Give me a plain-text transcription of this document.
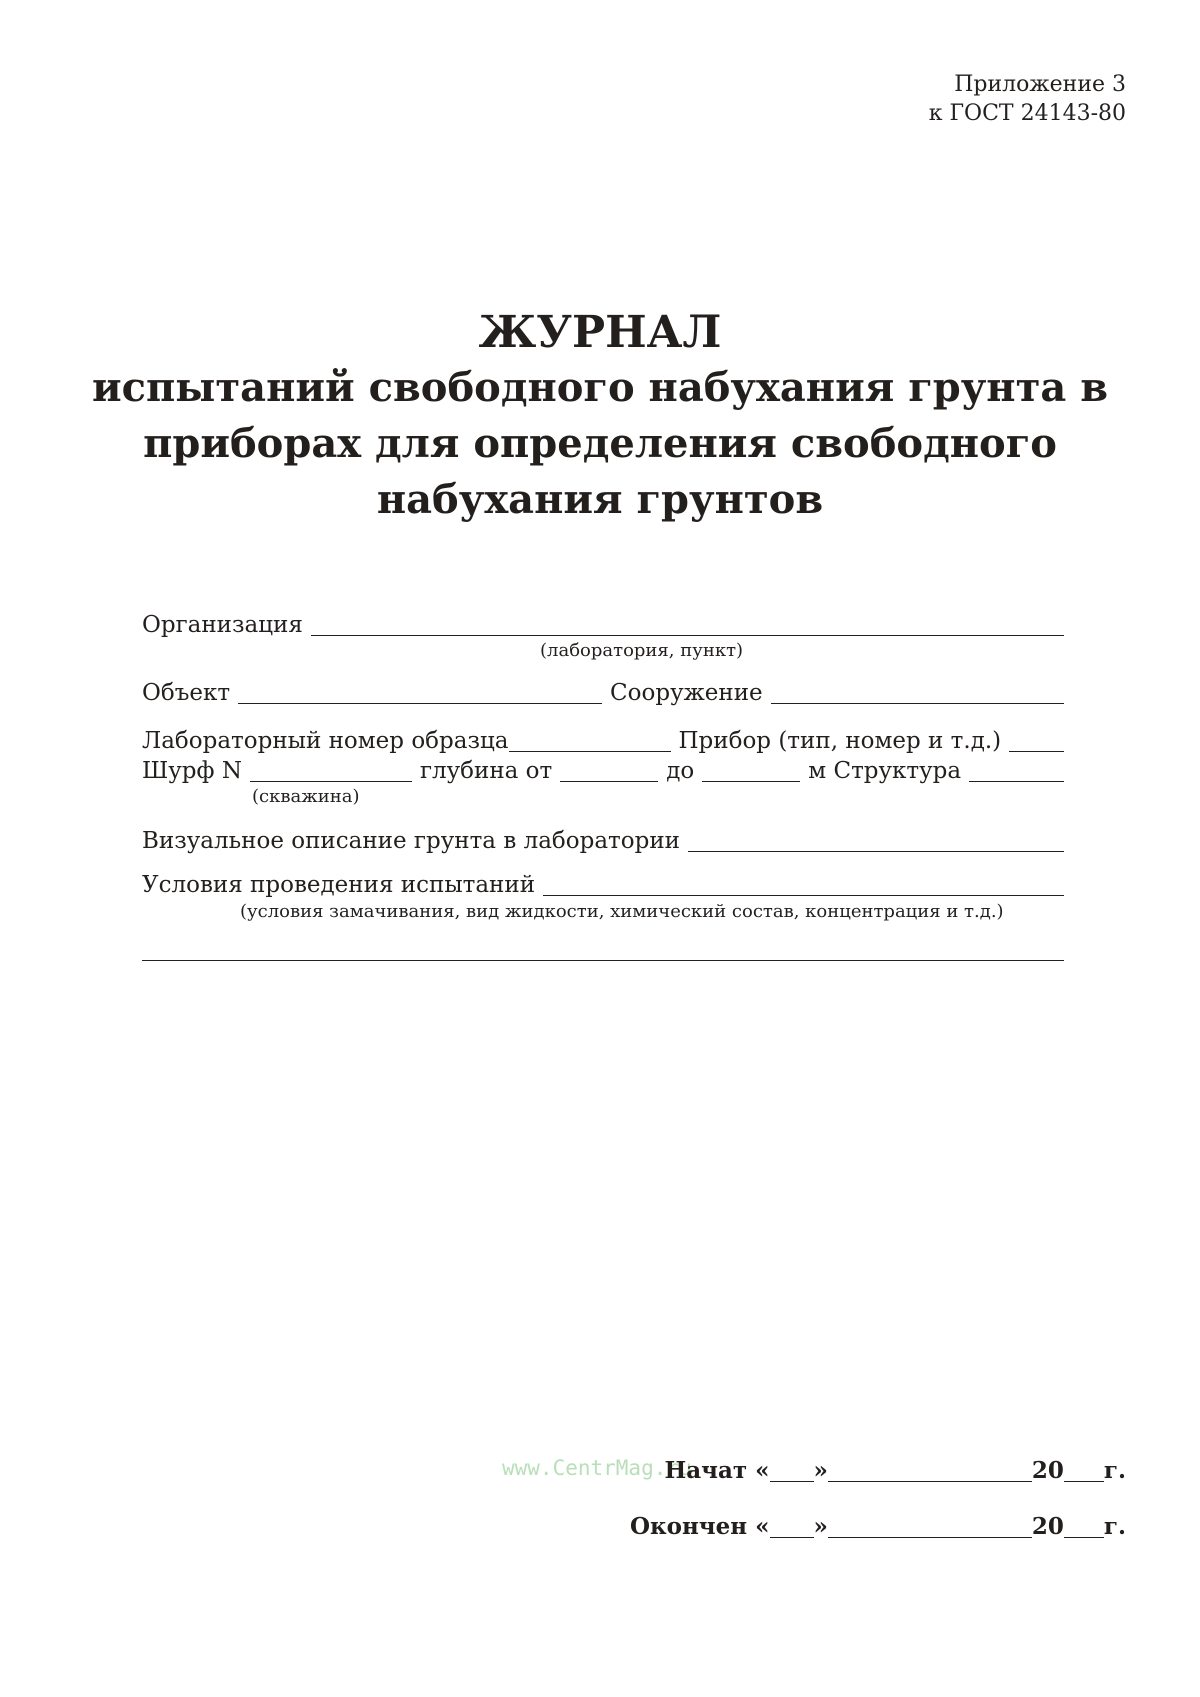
Приложение 3
к ГОСТ 24143-80
ЖУРНАЛ
испытаний свободного набухания грунта в
приборах для определения свободного
набухания грунтов
Организация
(лаборатория, пункт)
Объект	Сооружение
Лабораторный номер образца	Прибор (тип, номер и т.д.)
Шурф N	глубина от	до	м Структура
(скважина)
Визуальное описание грунта в лаборатории
Условия проведения испытаний
(условия замачивания, вид жидкости, химический состав, концентрация и т.д.)
www.CentrMag.ru
Начат « »	20 г.
Окончен « »	20 г.
